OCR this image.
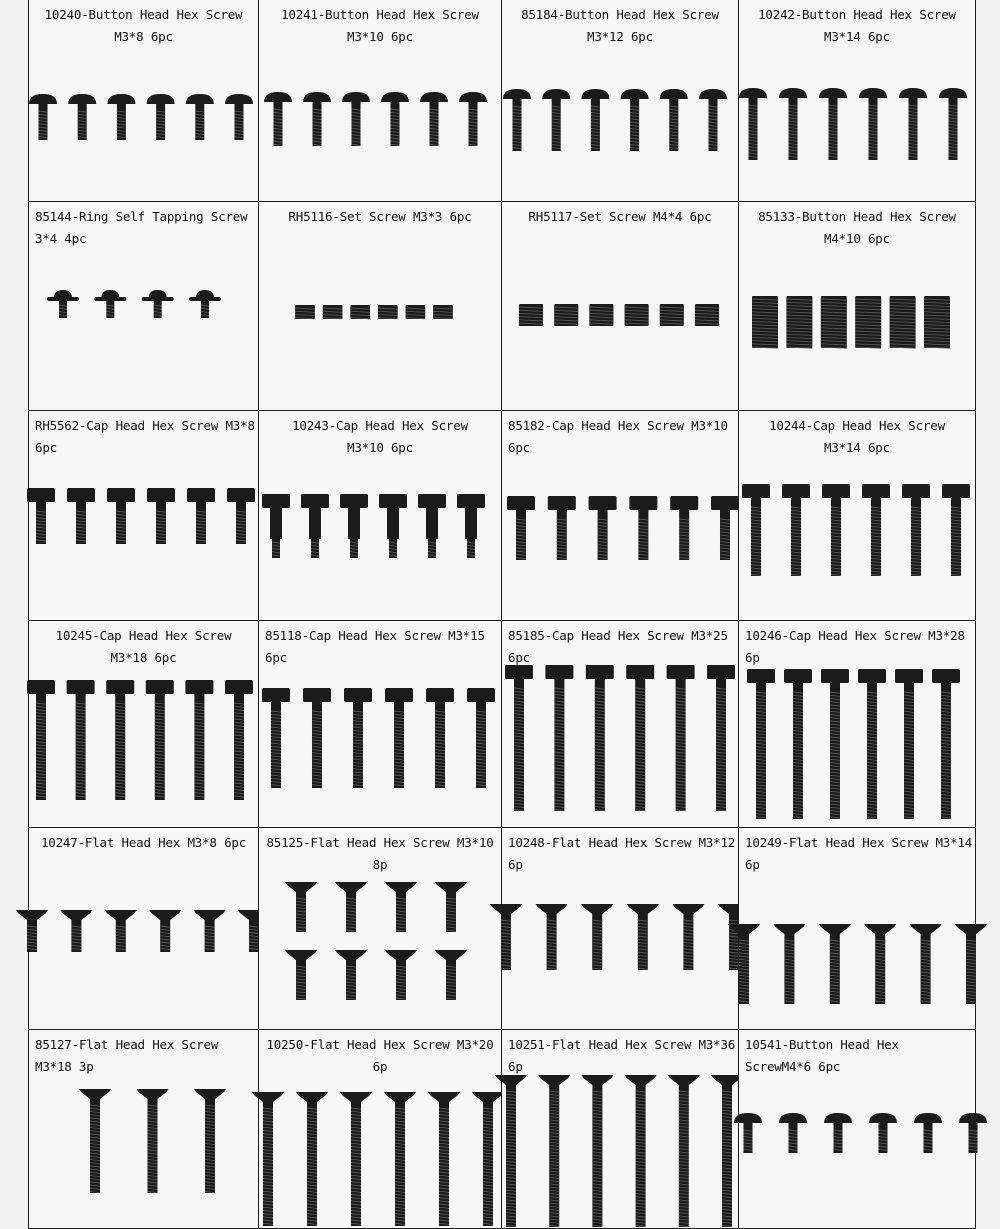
10240-Button Head Hex Screw
M3*8 6pc
10241-Button Head Hex Screw
M3*10 6pc
85184-Button Head Hex Screw
M3*12 6pc
10242-Button Head Hex Screw
M3*14 6pc
85144-Ring Self Tapping Screw 3*4 4pc
RH5116-Set Screw M3*3 6pc	RH5117-Set Screw M4*4 6pc	85133-Button Head Hex Screw
M4*10 6pc
RH5562-Cap Head Hex Screw M3*8 6pc
10243-Cap Head Hex Screw
M3*10 6pc
85182-Cap Head Hex Screw M3*10 6pc
10244-Cap Head Hex Screw
M3*14 6pc
10245-Cap Head Hex Screw
M3*18 6pc
85118-Cap Head Hex Screw M3*15 6pc
85185-Cap Head Hex Screw M3*25 6pc
10246-Cap Head Hex Screw M3*28 6p
10247-Flat Head Hex M3*8 6pc	85125-Flat Head Hex Screw M3*10 8p
10248-Flat Head Hex Screw M3*12 6p
10249-Flat Head Hex Screw M3*14 6p
85127-Flat Head Hex Screw
M3*18 3p
10250-Flat Head Hex Screw M3*20 6p
10251-Flat Head Hex Screw M3*36 6p
10541-Button Head Hex
ScrewM4*6 6pc
